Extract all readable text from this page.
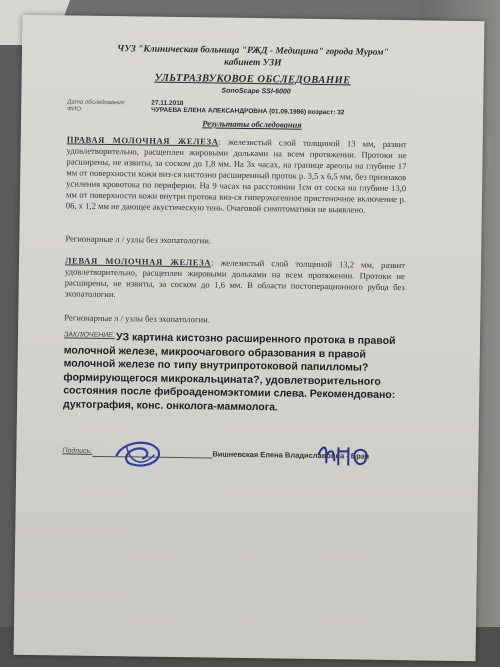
ЧУЗ "Клиническая больница "РЖД - Медицина" города Муром"
кабинет УЗИ
УЛЬТРАЗВУКОВОЕ ОБСЛЕДОВАНИЕ
SonoScape SSI-6000
Дата обследования:
ФИО:
27.11.2018
ЧУРАЕВА ЕЛЕНА АЛЕКСАНДРОВНА (01.09.1986) возраст: 32
Результаты обследования
ПРАВАЯ МОЛОЧНАЯ ЖЕЛЕЗА: железистый слой толщиной 13 мм, развит удовлетворительно, расщеплен жировыми дольками на всем протяжении. Протоки не расширены, не извиты, за соском до 1,8 мм. На 3х часах, на границе ареолы на глубине 17 мм от поверхности кожи виз-ся кистозно расширенный проток р. 3,5 х 6,5 мм, без признаков усиления кровотока по периферии. На 9 часах на расстоянии 1см от соска на глубине 13,0 мм от поверхности кожи внутри протока виз-ся гиперэхогенное пристеночное включение р. 06, х 1,2 мм не дающее акустическую тень. Очаговой симптоматики не выявлено.
Регионарные л / узлы без эхопатологии.
ЛЕВАЯ МОЛОЧНАЯ ЖЕЛЕЗА: железистый слой толщиной 13,2 мм, развит удовлетворительно, расщеплен жировыми дольками на всем протяжении. Протоки не расширены, не извиты, за соском до 1,6 мм. В области постоперационного рубца без эхопатологии.
Регионарные л / узлы без эхопатологии.
ЗАКЛЮЧЕНИЕ: УЗ картина кистозно расширенного протока в правой молочной железе, микроочагового образования в правой молочной железе по типу внутрипротоковой папилломы? формирующегося микрокальцината?, удовлетворительного состояния после фиброаденомэктомии слева. Рекомендовано: дуктография, конс. онколога-маммолога.
Подпись:	Вишневская Елена Владиславовна - Врач
